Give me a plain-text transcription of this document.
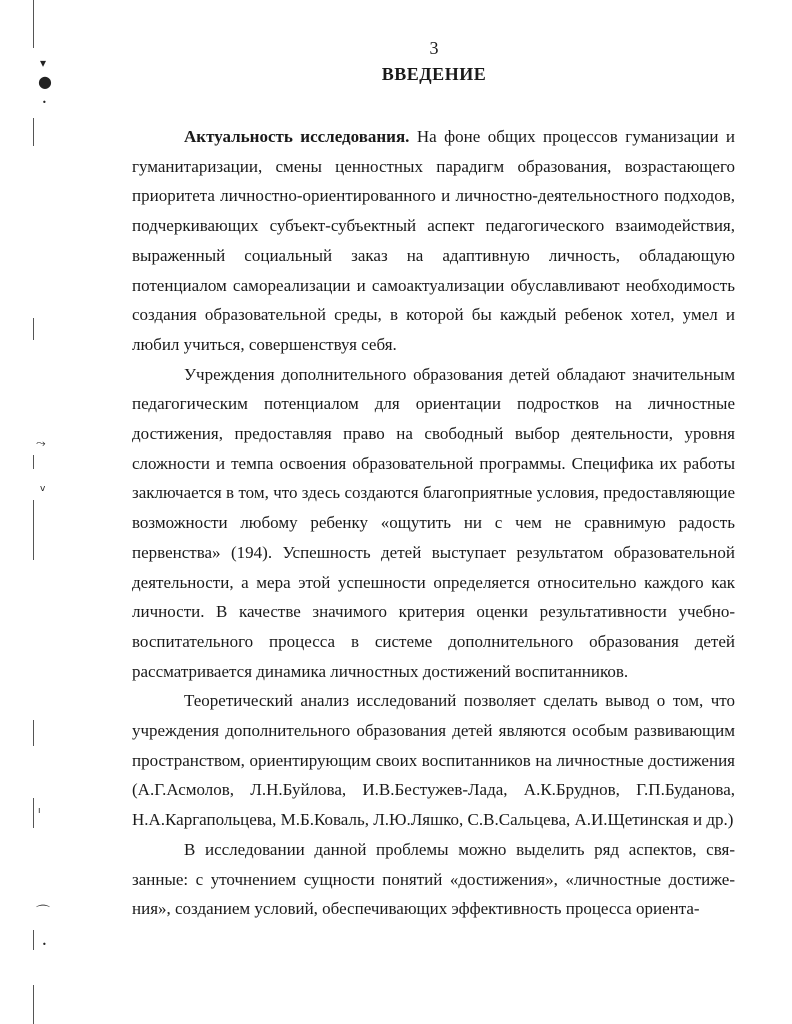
▾
●
•
⤳
v
ı
⌒
•
3
ВВЕДЕНИЕ

Актуальность исследования. На фоне общих процессов гуманизации и гуманитаризации, смены ценностных парадигм образования, возрастающего приоритета личностно-ориентированного и личностно-деятельностного подходов, подчеркивающих субъект-субъектный аспект педагогического взаимодействия, выраженный социальный заказ на адаптивную личность, обладающую потенциалом самореализации и самоактуализации обуславливают необходимость создания образовательной среды, в которой бы каждый ребенок хотел, умел и любил учиться, совершенствуя себя.

Учреждения дополнительного образования детей обладают значительным педагогическим потенциалом для ориентации подростков на личностные достижения, предоставляя право на свободный выбор деятельности, уровня сложности и темпа освоения образовательной программы. Специфика их работы заключается в том, что здесь создаются благоприятные условия, предоставляющие возможности любому ребенку «ощутить ни с чем не сравнимую радость первенства» (194). Успешность детей выступает результатом образовательной деятельности, а мера этой успешности определяется относительно каждого как личности. В качестве значимого критерия оценки результативности учебно-воспитательного процесса в системе дополнительного образования детей рассматривается динамика личностных достижений воспитанников.

Теоретический анализ исследований позволяет сделать вывод о том, что учреждения дополнительного образования детей являются особым развивающим пространством, ориентирующим своих воспитанников на личностные достижения (А.Г.Асмолов, Л.Н.Буйлова, И.В.Бестужев-Лада, А.К.Бруднов, Г.П.Буданова, Н.А.Каргапольцева, М.Б.Коваль, Л.Ю.Ляшко, С.В.Сальцева, А.И.Щетинская и др.)

В исследовании данной проблемы можно выделить ряд аспектов, связанные: с уточнением сущности понятий «достижения», «личностные достижения», созданием условий, обеспечивающих эффективность процесса ориента-
